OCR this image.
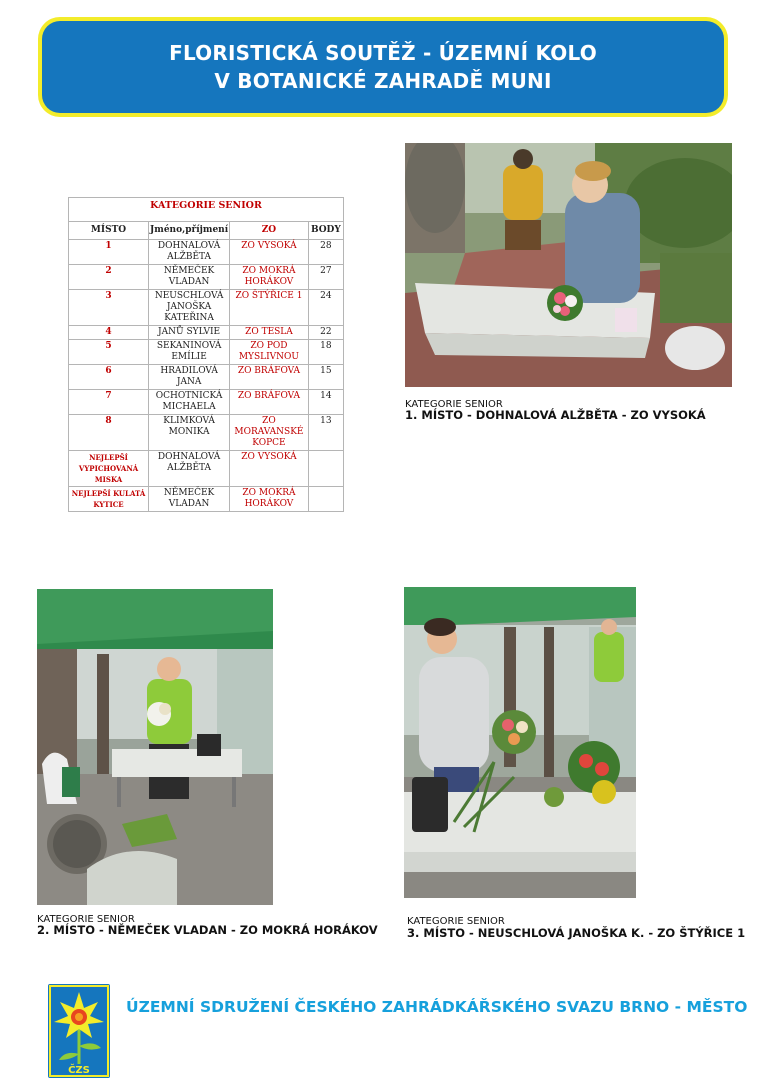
FLORISTICKÁ SOUTĚŽ - ÚZEMNÍ KOLO
V BOTANICKÉ ZAHRADĚ MUNI
KATEGORIE SENIOR			
MÍSTO	Jméno,příjmení	ZO	BODY
1	DOHNALOVÁ ALŽBĚTA	ZO VYSOKÁ	28
2	NĚMEČEK VLADAN	ZO MOKRÁ HORÁKOV	27
3	NEUSCHLOVÁ JANOŠKA KATEŘINA	ZO ŠTÝŘICE 1	24
4	JANŮ SYLVIE	ZO TESLA	22
5	SEKANINOVÁ EMÍLIE	ZO POD MYSLIVNOU	18
6	HRADILOVÁ JANA	ZO BRÁFOVA	15
7	OCHOTNICKÁ MICHAELA	ZO BRÁFOVA	14
8	KLIMKOVÁ MONIKA	ZO MORAVANSKÉ KOPCE	13
NEJLEPŠÍ VYPICHOVANÁ MISKA	DOHNALOVÁ ALŽBĚTA	ZO VYSOKÁ	
NEJLEPŠÍ KULATÁ KYTICE	NĚMEČEK VLADAN	ZO MOKRÁ HORÁKOV	
KATEGORIE SENIOR
1. MÍSTO - DOHNALOVÁ ALŽBĚTA - ZO VYSOKÁ
KATEGORIE SENIOR
2. MÍSTO - NĚMEČEK VLADAN - ZO MOKRÁ HORÁKOV
KATEGORIE SENIOR
3. MÍSTO - NEUSCHLOVÁ JANOŠKA K. - ZO ŠTÝŘICE 1
ČZS
ÚZEMNÍ SDRUŽENÍ ČESKÉHO ZAHRÁDKÁŘSKÉHO SVAZU BRNO - MĚSTO
